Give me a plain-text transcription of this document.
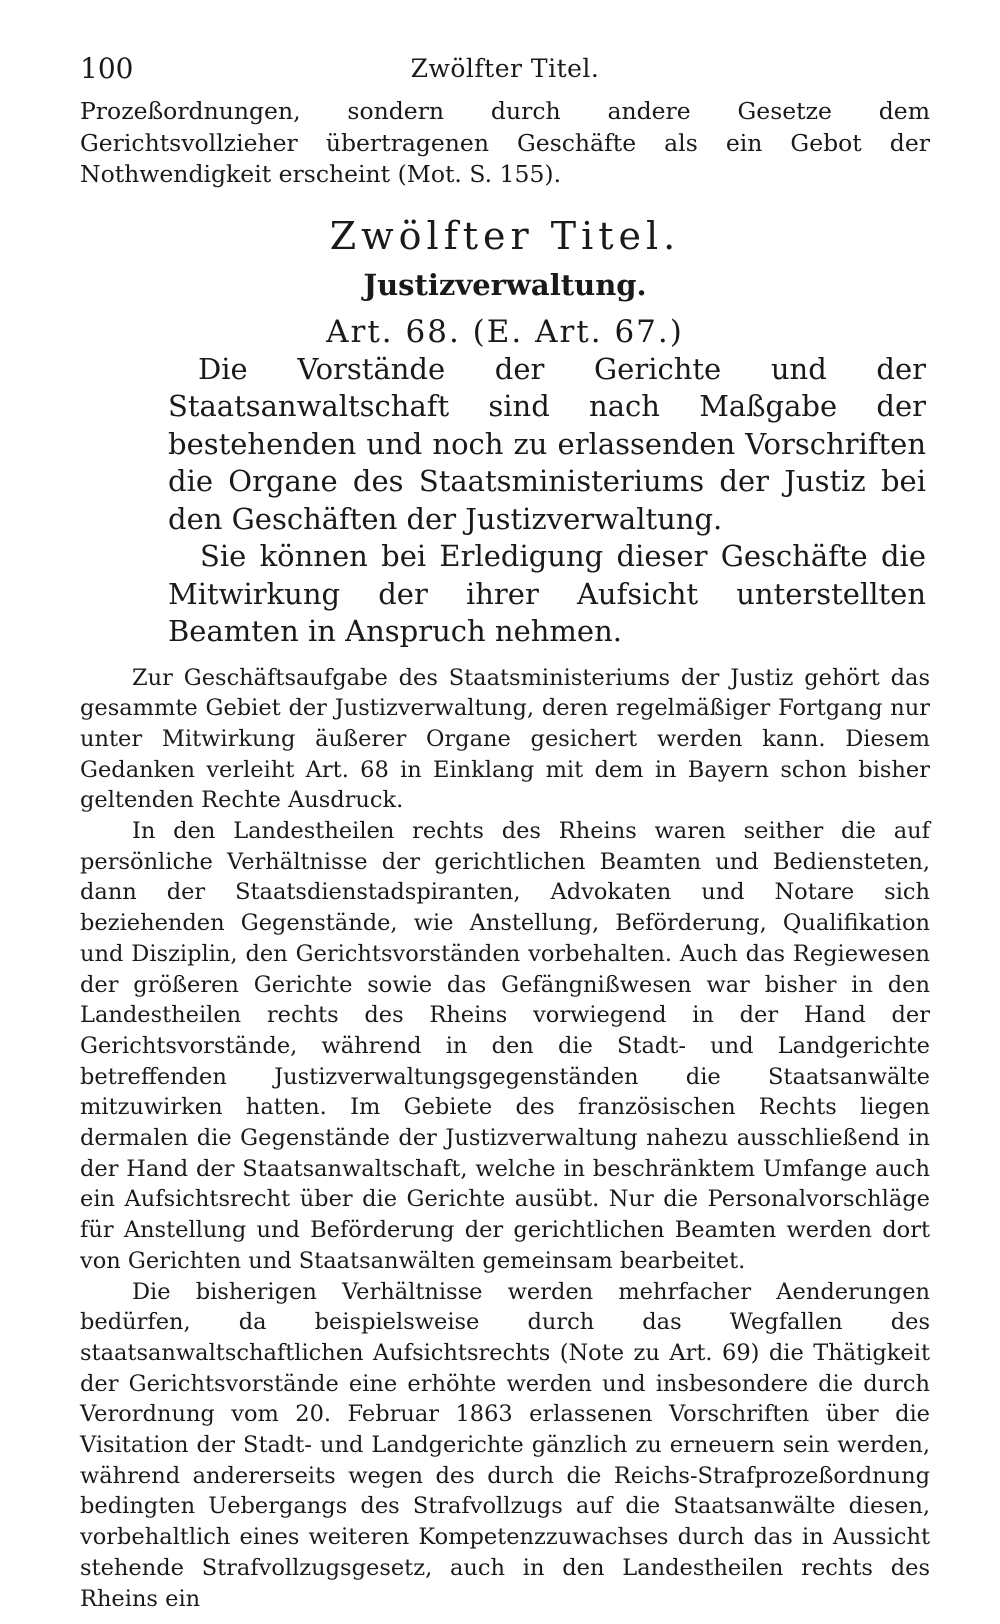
100	Zwölfter Titel.

Prozeßordnungen, sondern durch andere Gesetze dem Gerichtsvollzieher übertragenen Geschäfte als ein Gebot der Nothwendigkeit erscheint (Mot. S. 155).

Zwölfter Titel.
Justizverwaltung.
Art. 68. (E. Art. 67.)

Die Vorstände der Gerichte und der Staatsanwaltschaft sind nach Maßgabe der bestehenden und noch zu erlassenden Vorschriften die Organe des Staatsministeriums der Justiz bei den Geschäften der Justizverwaltung.

Sie können bei Erledigung dieser Geschäfte die Mitwirkung der ihrer Aufsicht unterstellten Beamten in Anspruch nehmen.

Zur Geschäftsaufgabe des Staatsministeriums der Justiz gehört das gesammte Gebiet der Justizverwaltung, deren regelmäßiger Fortgang nur unter Mitwirkung äußerer Organe gesichert werden kann. Diesem Gedanken verleiht Art. 68 in Einklang mit dem in Bayern schon bisher geltenden Rechte Ausdruck.

In den Landestheilen rechts des Rheins waren seither die auf persönliche Verhältnisse der gerichtlichen Beamten und Bediensteten, dann der Staatsdienstadspiranten, Advokaten und Notare sich beziehenden Gegenstände, wie Anstellung, Beförderung, Qualifikation und Disziplin, den Gerichtsvorständen vorbehalten. Auch das Regiewesen der größeren Gerichte sowie das Gefängnißwesen war bisher in den Landestheilen rechts des Rheins vorwiegend in der Hand der Gerichtsvorstände, während in den die Stadt- und Landgerichte betreffenden Justizverwaltungsgegenständen die Staatsanwälte mitzuwirken hatten. Im Gebiete des französischen Rechts liegen dermalen die Gegenstände der Justizverwaltung nahezu ausschließend in der Hand der Staatsanwaltschaft, welche in beschränktem Umfange auch ein Aufsichtsrecht über die Gerichte ausübt. Nur die Personalvorschläge für Anstellung und Beförderung der gerichtlichen Beamten werden dort von Gerichten und Staatsanwälten gemeinsam bearbeitet.

Die bisherigen Verhältnisse werden mehrfacher Aenderungen bedürfen, da beispielsweise durch das Wegfallen des staatsanwaltschaftlichen Aufsichtsrechts (Note zu Art. 69) die Thätigkeit der Gerichtsvorstände eine erhöhte werden und insbesondere die durch Verordnung vom 20. Februar 1863 erlassenen Vorschriften über die Visitation der Stadt- und Landgerichte gänzlich zu erneuern sein werden, während andererseits wegen des durch die Reichs-Strafprozeßordnung bedingten Uebergangs des Strafvollzugs auf die Staatsanwälte diesen, vorbehaltlich eines weiteren Kompetenzzuwachses durch das in Aussicht stehende Strafvollzugsgesetz, auch in den Landestheilen rechts des Rheins ein
